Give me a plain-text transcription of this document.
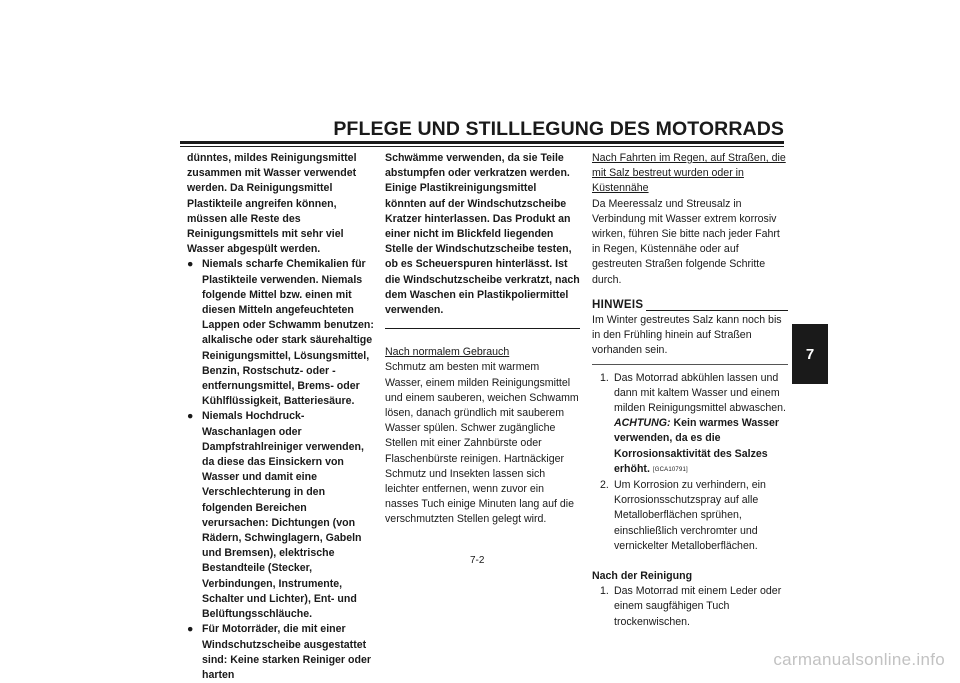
PFLEGE UND STILLLEGUNG DES MOTORRADS

dünntes, mildes Reinigungsmittel zusammen mit Wasser verwendet werden. Da Reinigungsmittel Plastikteile angreifen können, müssen alle Reste des Reinigungsmittels mit sehr viel Wasser abgespült werden.

● Niemals scharfe Chemikalien für Plastikteile verwenden. Niemals folgende Mittel bzw. einen mit diesen Mitteln angefeuchteten Lappen oder Schwamm benutzen: alkalische oder stark säurehaltige Reinigungsmittel, Lösungsmittel, Benzin, Rostschutz- oder -entfernungsmittel, Brems- oder Kühlflüssigkeit, Batteriesäure.

● Niemals Hochdruck-Waschanlagen oder Dampfstrahlreiniger verwenden, da diese das Einsickern von Wasser und damit eine Verschlechterung in den folgenden Bereichen verursachen: Dichtungen (von Rädern, Schwinglagern, Gabeln und Bremsen), elektrische Bestandteile (Stecker, Verbindungen, Instrumente, Schalter und Lichter), Ent- und Belüftungsschläuche.

● Für Motorräder, die mit einer Windschutzscheibe ausgestattet sind: Keine starken Reiniger oder harten

Schwämme verwenden, da sie Teile abstumpfen oder verkratzen werden. Einige Plastikreinigungsmittel könnten auf der Windschutzscheibe Kratzer hinterlassen. Das Produkt an einer nicht im Blickfeld liegenden Stelle der Windschutzscheibe testen, ob es Scheuerspuren hinterlässt. Ist die Windschutzscheibe verkratzt, nach dem Waschen ein Plastikpoliermittel verwenden.

Nach normalem Gebrauch

Schmutz am besten mit warmem Wasser, einem milden Reinigungsmittel und einem sauberen, weichen Schwamm lösen, danach gründlich mit sauberem Wasser spülen. Schwer zugängliche Stellen mit einer Zahnbürste oder Flaschenbürste reinigen. Hartnäckiger Schmutz und Insekten lassen sich leichter entfernen, wenn zuvor ein nasses Tuch einige Minuten lang auf die verschmutzten Stellen gelegt wird.

Nach Fahrten im Regen, auf Straßen, die mit Salz bestreut wurden oder in Küstennähe

Da Meeressalz und Streusalz in Verbindung mit Wasser extrem korrosiv wirken, führen Sie bitte nach jeder Fahrt in Regen, Küstennähe oder auf gestreuten Straßen folgende Schritte durch.

HINWEIS

Im Winter gestreutes Salz kann noch bis in den Frühling hinein auf Straßen vorhanden sein.

1. Das Motorrad abkühlen lassen und dann mit kaltem Wasser und einem milden Reinigungsmittel abwaschen. ACHTUNG: Kein warmes Wasser verwenden, da es die Korrosionsaktivität des Salzes erhöht. [GCA10791]

2. Um Korrosion zu verhindern, ein Korrosionsschutzspray auf alle Metalloberflächen sprühen, einschließlich verchromter und vernickelter Metalloberflächen.

Nach der Reinigung

1. Das Motorrad mit einem Leder oder einem saugfähigen Tuch trockenwischen.

7-2
7
carmanualsonline.info
